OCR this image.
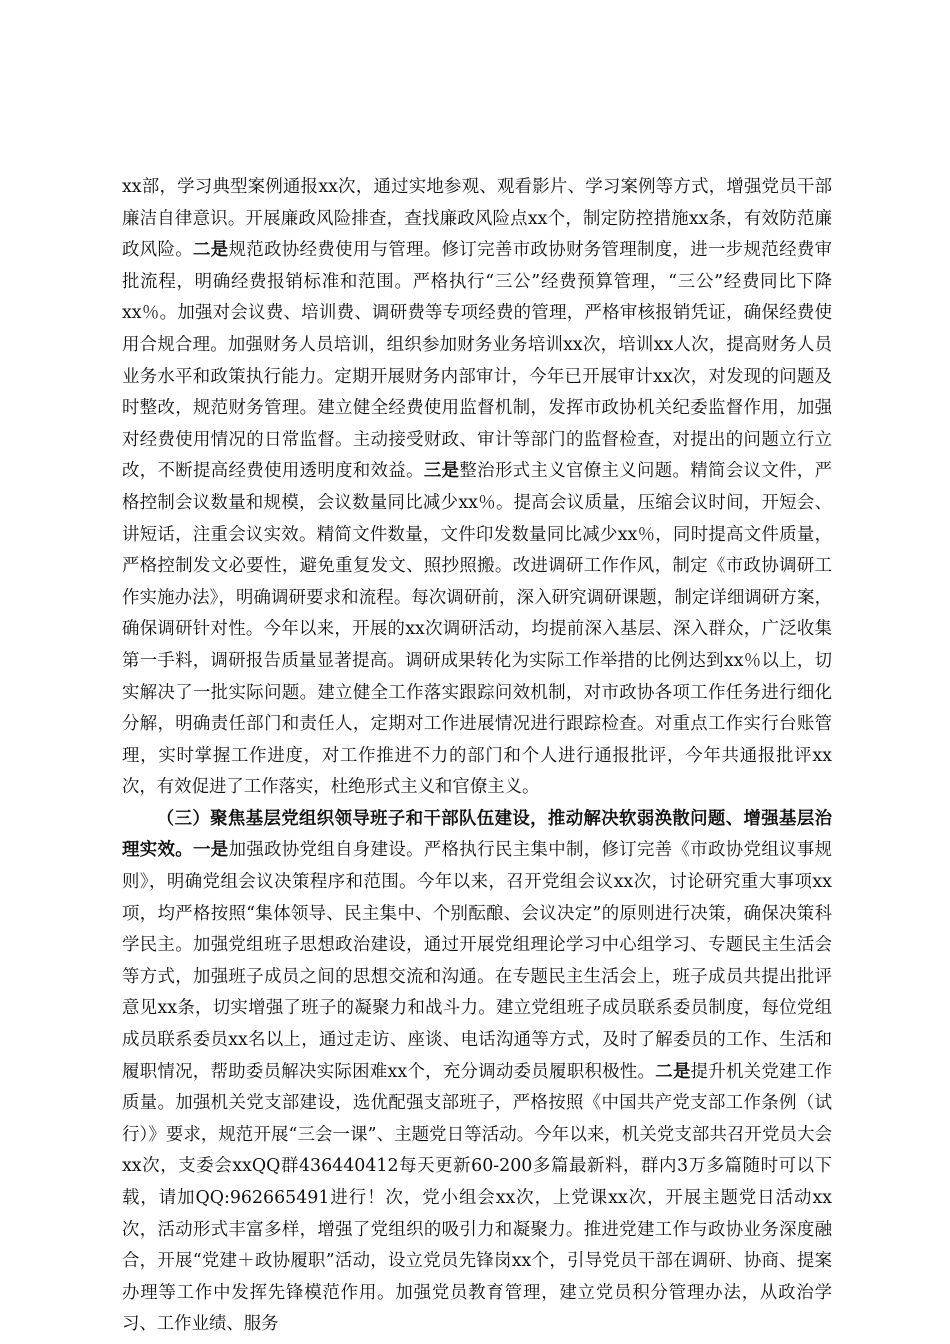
xx部，学习典型案例通报xx次，通过实地参观、观看影片、学习案例等方式，增强党员干部廉洁自律意识。开展廉政风险排查，查找廉政风险点xx个，制定防控措施xx条，有效防范廉政风险。二是规范政协经费使用与管理。修订完善市政协财务管理制度，进一步规范经费审批流程，明确经费报销标准和范围。严格执行“三公”经费预算管理，“三公”经费同比下降xx％。加强对会议费、培训费、调研费等专项经费的管理，严格审核报销凭证，确保经费使用合规合理。加强财务人员培训，组织参加财务业务培训xx次，培训xx人次，提高财务人员业务水平和政策执行能力。定期开展财务内部审计，今年已开展审计xx次，对发现的问题及时整改，规范财务管理。建立健全经费使用监督机制，发挥市政协机关纪委监督作用，加强对经费使用情况的日常监督。主动接受财政、审计等部门的监督检查，对提出的问题立行立改，不断提高经费使用透明度和效益。三是整治形式主义官僚主义问题。精简会议文件，严格控制会议数量和规模，会议数量同比减少xx％。提高会议质量，压缩会议时间，开短会、讲短话，注重会议实效。精简文件数量，文件印发数量同比减少xx％，同时提高文件质量，严格控制发文必要性，避免重复发文、照抄照搬。改进调研工作作风，制定《市政协调研工作实施办法》，明确调研要求和流程。每次调研前，深入研究调研课题，制定详细调研方案，确保调研针对性。今年以来，开展的xx次调研活动，均提前深入基层、深入群众，广泛收集第一手料，调研报告质量显著提高。调研成果转化为实际工作举措的比例达到xx％以上，切实解决了一批实际问题。建立健全工作落实跟踪问效机制，对市政协各项工作任务进行细化分解，明确责任部门和责任人，定期对工作进展情况进行跟踪检查。对重点工作实行台账管理，实时掌握工作进度，对工作推进不力的部门和个人进行通报批评，今年共通报批评xx次，有效促进了工作落实，杜绝形式主义和官僚主义。

（三）聚焦基层党组织领导班子和干部队伍建设，推动解决软弱涣散问题、增强基层治理实效。一是加强政协党组自身建设。严格执行民主集中制，修订完善《市政协党组议事规则》，明确党组会议决策程序和范围。今年以来，召开党组会议xx次，讨论研究重大事项xx项，均严格按照“集体领导、民主集中、个别酝酿、会议决定”的原则进行决策，确保决策科学民主。加强党组班子思想政治建设，通过开展党组理论学习中心组学习、专题民主生活会等方式，加强班子成员之间的思想交流和沟通。在专题民主生活会上，班子成员共提出批评意见xx条，切实增强了班子的凝聚力和战斗力。建立党组班子成员联系委员制度，每位党组成员联系委员xx名以上，通过走访、座谈、电话沟通等方式，及时了解委员的工作、生活和履职情况，帮助委员解决实际困难xx个，充分调动委员履职积极性。二是提升机关党建工作质量。加强机关党支部建设，选优配强支部班子，严格按照《中国共产党支部工作条例（试行）》要求，规范开展“三会一课”、主题党日等活动。今年以来，机关党支部共召开党员大会xx次，支委会xxQQ群436440412每天更新60-200多篇最新料，群内3万多篇随时可以下载，请加QQ:962665491进行！次，党小组会xx次，上党课xx次，开展主题党日活动xx次，活动形式丰富多样，增强了党组织的吸引力和凝聚力。推进党建工作与政协业务深度融合，开展“党建＋政协履职”活动，设立党员先锋岗xx个，引导党员干部在调研、协商、提案办理等工作中发挥先锋模范作用。加强党员教育管理，建立党员积分管理办法，从政治学习、工作业绩、服务
